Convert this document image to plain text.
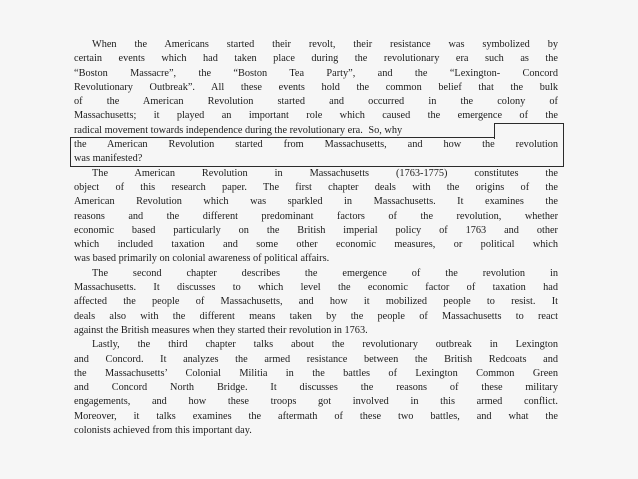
When the Americans started their revolt, their resistance was symbolized by
certain events which had taken place during the revolutionary era such as the
“Boston Massacre”, the “Boston Tea Party”, and the “Lexington- Concord
Revolutionary Outbreak”. All these events hold the common belief that the bulk
of the American Revolution started and occurred in the colony of
Massachusetts; it played an important role which caused the emergence of the
radical movement towards independence during the revolutionary era. So, why
the American Revolution started from Massachusetts, and how the revolution
was manifested?
The American Revolution in Massachusetts (1763-1775) constitutes the
object of this research paper. The first chapter deals with the origins of the
American Revolution which was sparkled in Massachusetts. It examines the
reasons and the different predominant factors of the revolution, whether
economic based particularly on the British imperial policy of 1763 and other
which included taxation and some other economic measures, or political which
was based primarily on colonial awareness of political affairs.
The second chapter describes the emergence of the revolution in
Massachusetts. It discusses to which level the economic factor of taxation had
affected the people of Massachusetts, and how it mobilized people to resist. It
deals also with the different means taken by the people of Massachusetts to react
against the British measures when they started their revolution in 1763.
Lastly, the third chapter talks about the revolutionary outbreak in Lexington
and Concord. It analyzes the armed resistance between the British Redcoats and
the Massachusetts’ Colonial Militia in the battles of Lexington Common Green
and Concord North Bridge. It discusses the reasons of these military
engagements, and how these troops got involved in this armed conflict.
Moreover, it talks examines the aftermath of these two battles, and what the
colonists achieved from this important day.
